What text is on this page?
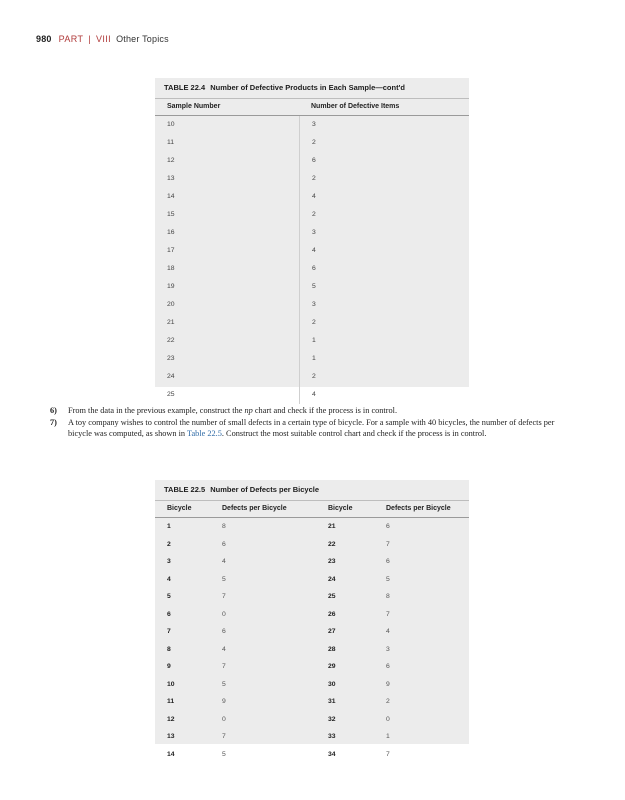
980 PART | VIII Other Topics
TABLE 22.4 Number of Defective Products in Each Sample—cont'd
Sample Number	Number of Defective Items
10	3
11	2
12	6
13	2
14	4
15	2
16	3
17	4
18	6
19	5
20	3
21	2
22	1
23	1
24	2
25	4
6)	From the data in the previous example, construct the np chart and check if the process is in control.
7)	A toy company wishes to control the number of small defects in a certain type of bicycle. For a sample with 40 bicycles, the number of defects per bicycle was computed, as shown in Table 22.5. Construct the most suitable control chart and check if the process is in control.
TABLE 22.5 Number of Defects per Bicycle
Bicycle	Defects per Bicycle	Bicycle	Defects per Bicycle
1	8	21	6
2	6	22	7
3	4	23	6
4	5	24	5
5	7	25	8
6	0	26	7
7	6	27	4
8	4	28	3
9	7	29	6
10	5	30	9
11	9	31	2
12	0	32	0
13	7	33	1
14	5	34	7
